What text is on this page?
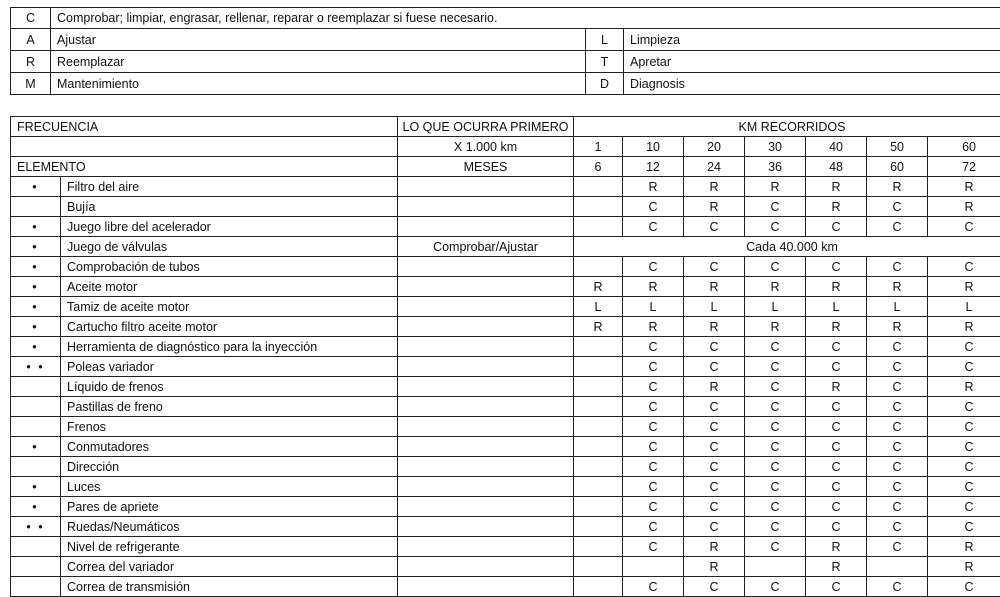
C	Comprobar; limpiar, engrasar, rellenar, reparar o reemplazar si fuese necesario.		
A	Ajustar	L	Limpieza
R	Reemplazar	T	Apretar
M	Mantenimiento	D	Diagnosis
FRECUENCIA		LO QUE OCURRA PRIMERO	KM RECORRIDOS						
		X 1.000 km	1	10	20	30	40	50	60
ELEMENTO		MESES	6	12	24	36	48	60	72
•	Filtro del aire			R	R	R	R	R	R
	Bujía			C	R	C	R	C	R
•	Juego libre del acelerador			C	C	C	C	C	C
•	Juego de válvulas	Comprobar/Ajustar	Cada 40.000 km						
•	Comprobación de tubos			C	C	C	C	C	C
•	Aceite motor		R	R	R	R	R	R	R
•	Tamiz de aceite motor		L	L	L	L	L	L	L
•	Cartucho filtro aceite motor		R	R	R	R	R	R	R
•	Herramienta de diagnóstico para la inyección			C	C	C	C	C	C
• •	Poleas variador			C	C	C	C	C	C
	Líquido de frenos			C	R	C	R	C	R
	Pastillas de freno			C	C	C	C	C	C
	Frenos			C	C	C	C	C	C
•	Conmutadores			C	C	C	C	C	C
	Dirección			C	C	C	C	C	C
•	Luces			C	C	C	C	C	C
•	Pares de apriete			C	C	C	C	C	C
• •	Ruedas/Neumáticos			C	C	C	C	C	C
	Nivel de refrigerante			C	R	C	R	C	R
	Correa del variador				R		R		R
	Correa de transmisión			C	C	C	C	C	C
